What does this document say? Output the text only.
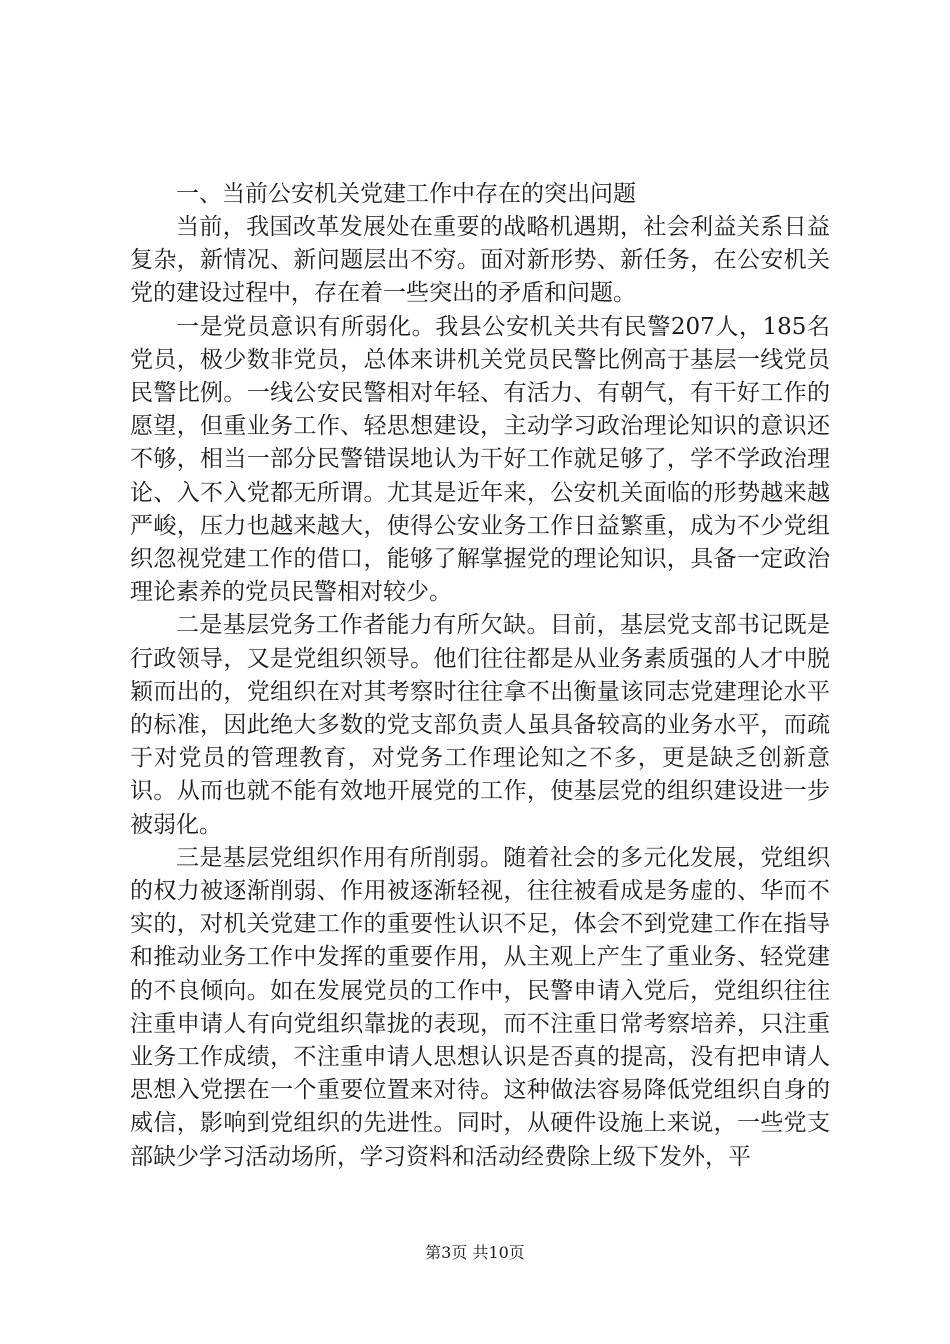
一、当前公安机关党建工作中存在的突出问题

当前，我国改革发展处在重要的战略机遇期，社会利益关系日益复杂，新情况、新问题层出不穷。面对新形势、新任务，在公安机关党的建设过程中，存在着一些突出的矛盾和问题。

一是党员意识有所弱化。我县公安机关共有民警207人，185名党员，极少数非党员，总体来讲机关党员民警比例高于基层一线党员民警比例。一线公安民警相对年轻、有活力、有朝气，有干好工作的愿望，但重业务工作、轻思想建设，主动学习政治理论知识的意识还不够，相当一部分民警错误地认为干好工作就足够了，学不学政治理论、入不入党都无所谓。尤其是近年来，公安机关面临的形势越来越严峻，压力也越来越大，使得公安业务工作日益繁重，成为不少党组织忽视党建工作的借口，能够了解掌握党的理论知识，具备一定政治理论素养的党员民警相对较少。

二是基层党务工作者能力有所欠缺。目前，基层党支部书记既是行政领导，又是党组织领导。他们往往都是从业务素质强的人才中脱颖而出的，党组织在对其考察时往往拿不出衡量该同志党建理论水平的标准，因此绝大多数的党支部负责人虽具备较高的业务水平，而疏于对党员的管理教育，对党务工作理论知之不多，更是缺乏创新意识。从而也就不能有效地开展党的工作，使基层党的组织建设进一步被弱化。

三是基层党组织作用有所削弱。随着社会的多元化发展，党组织的权力被逐渐削弱、作用被逐渐轻视，往往被看成是务虚的、华而不实的，对机关党建工作的重要性认识不足，体会不到党建工作在指导和推动业务工作中发挥的重要作用，从主观上产生了重业务、轻党建的不良倾向。如在发展党员的工作中，民警申请入党后，党组织往往注重申请人有向党组织靠拢的表现，而不注重日常考察培养，只注重业务工作成绩，不注重申请人思想认识是否真的提高，没有把申请人思想入党摆在一个重要位置来对待。这种做法容易降低党组织自身的威信，影响到党组织的先进性。同时，从硬件设施上来说，一些党支部缺少学习活动场所，学习资料和活动经费除上级下发外，平

第3页 共10页
